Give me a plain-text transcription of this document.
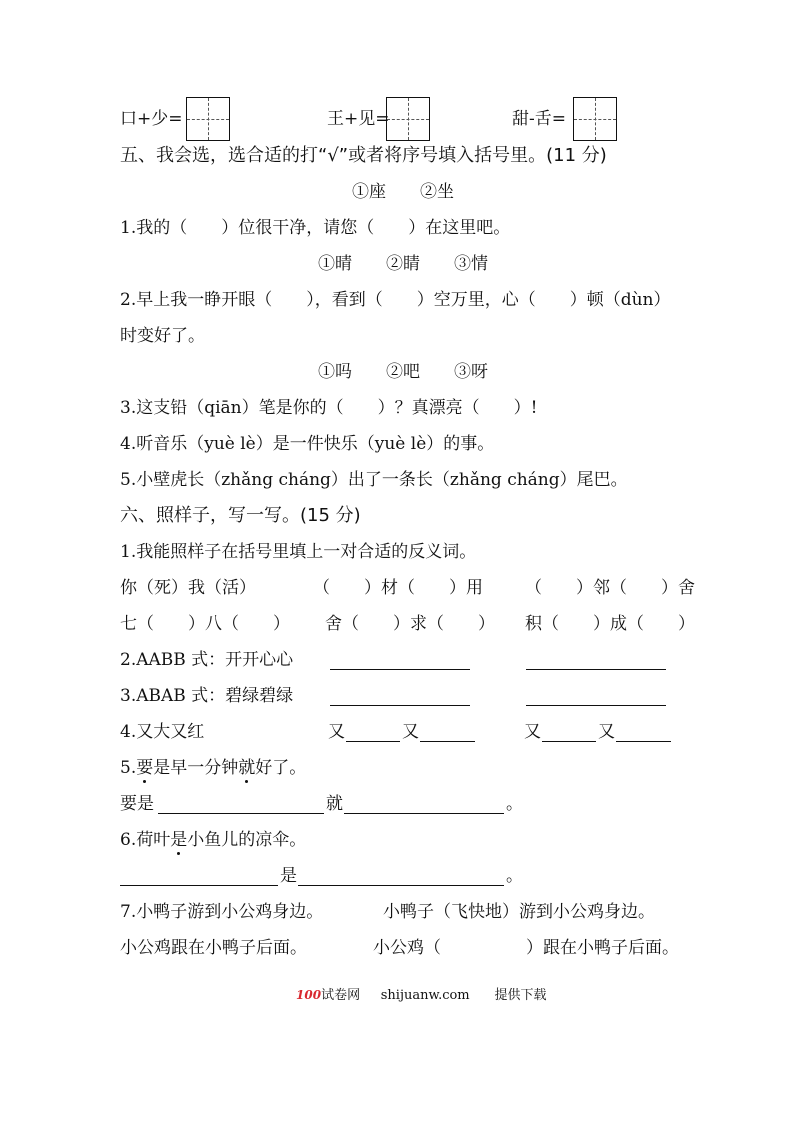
口+少=	王+见=	甜-舌=
五、我会选，选合适的打“√”或者将序号填入括号里。(11 分)
①座　　②坐
1.我的（　　）位很干净，请您（　　）在这里吧。
①晴　　②睛　　③情
2.早上我一睁开眼（　　），看到（　　）空万里，心（　　）顿（dùn）
时变好了。
①吗　　②吧　　③呀
3.这支铅（qiān）笔是你的（　　）？真漂亮（　　）!
4.听音乐（yuè lè）是一件快乐（yuè lè）的事。
5.小壁虎长（zhǎng cháng）出了一条长（zhǎng cháng）尾巴。
六、照样子，写一写。(15 分)
1.我能照样子在括号里填上一对合适的反义词。
你（死）我（活）	（　　）材（　　）用 （　　）邻（　　）舍
七（　　）八（　　） 舍（　　）求（　　） 积（　　）成（　　）
2.AABB 式：开开心心
3.ABAB 式：碧绿碧绿
4.又大又红	又	又	又	又
5.要是早一分钟就好了。
要是	就	。
6.荷叶是小鱼儿的凉伞。
是	。
7.小鸭子游到小公鸡身边。	小鸭子（飞快地）游到小公鸡身边。
小公鸡跟在小鸭子后面。	小公鸡（　　　　　）跟在小鸭子后面。
100试卷网 shijuanw.com 提供下载
